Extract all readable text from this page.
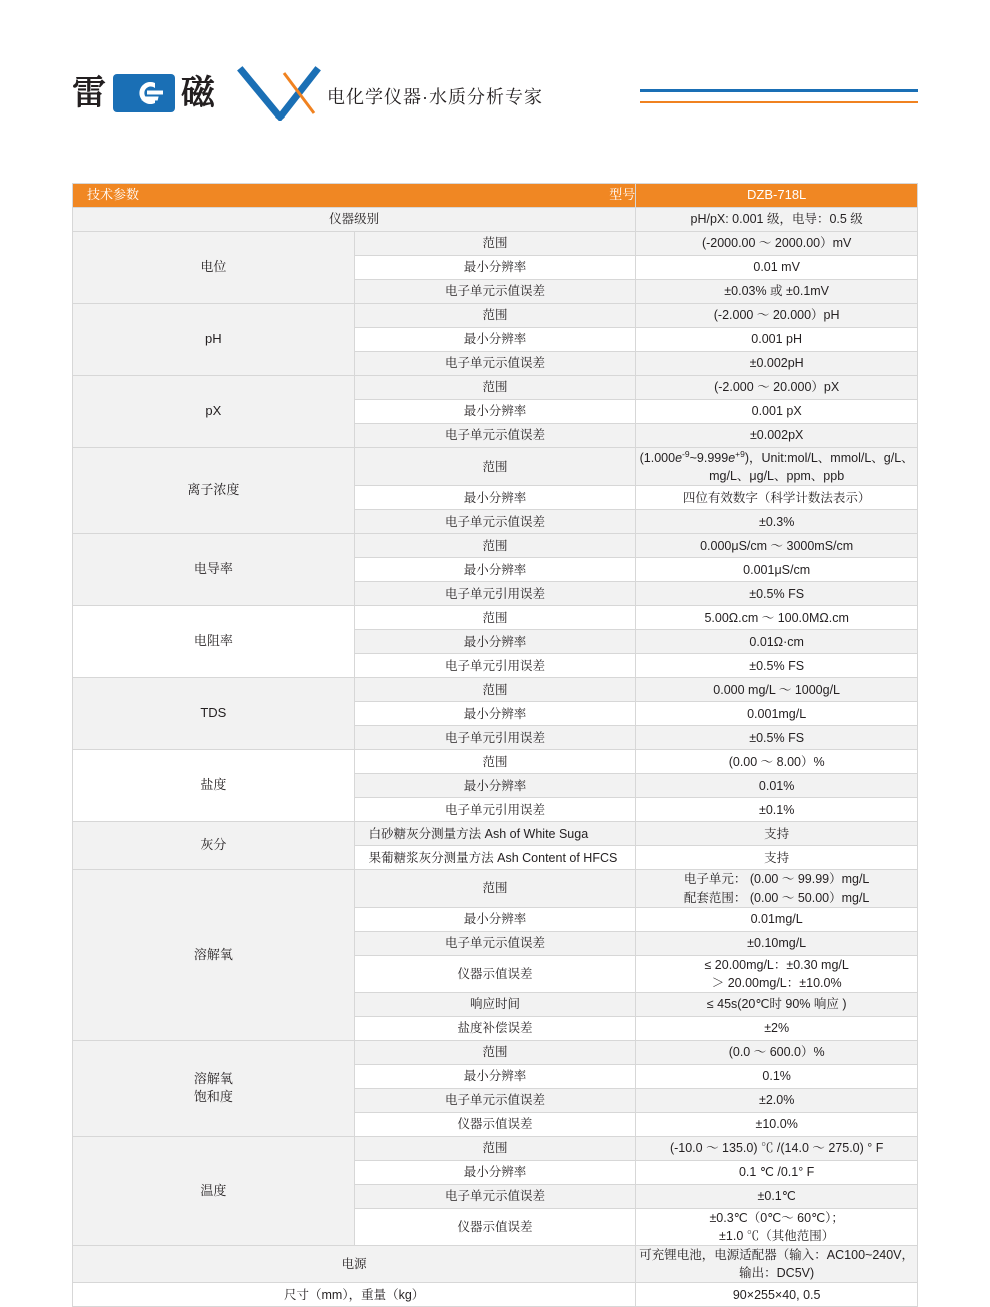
雷 磁	电化学仪器·水质分析专家
技术参数 型号		DZB-718L
仪器级别		pH/pX: 0.001 级，电导：0.5 级
电位	范围	(-2000.00 ～ 2000.00）mV
	最小分辨率	0.01 mV
	电子单元示值误差	±0.03% 或 ±0.1mV
pH	范围	(-2.000 ～ 20.000）pH
	最小分辨率	0.001 pH
	电子单元示值误差	±0.002pH
pX	范围	(-2.000 ～ 20.000）pX
	最小分辨率	0.001 pX
	电子单元示值误差	±0.002pX
离子浓度	范围	$(1.000e^{-9}\sim 9.999e^{+9})$，Unit:mol/L、mmol/L、g/L、mg/L、μg/L、ppm、ppb
	最小分辨率	四位有效数字（科学计数法表示）
	电子单元示值误差	±0.3%
电导率	范围	0.000μS/cm ～ 3000mS/cm
	最小分辨率	0.001μS/cm
	电子单元引用误差	±0.5% FS
电阻率	范围	5.00Ω.cm ～ 100.0MΩ.cm
	最小分辨率	0.01Ω·cm
	电子单元引用误差	±0.5% FS
TDS	范围	0.000 mg/L ～ 1000g/L
	最小分辨率	0.001mg/L
	电子单元引用误差	±0.5% FS
盐度	范围	(0.00 ～ 8.00）%
	最小分辨率	0.01%
	电子单元引用误差	±0.1%
灰分	白砂糖灰分测量方法 Ash of White Suga	支持
	果葡糖浆灰分测量方法 Ash Content of HFCS	支持
溶解氧	范围	电子单元： (0.00 ～ 99.99）mg/L
配套范围： (0.00 ～ 50.00）mg/L
	最小分辨率	0.01mg/L
	电子单元示值误差	±0.10mg/L
	仪器示值误差	≤ 20.00mg/L：±0.30 mg/L
＞ 20.00mg/L：±10.0%
	响应时间	≤ 45s(20℃时 90% 响应 )
	盐度补偿误差	±2%
溶解氧
饱和度	范围	(0.0 ～ 600.0）%
	最小分辨率	0.1%
	电子单元示值误差	±2.0%
	仪器示值误差	±10.0%
温度	范围	(-10.0 ～ 135.0) ℃ /(14.0 ～ 275.0) ° F
	最小分辨率	0.1 ℃ /0.1° F
	电子单元示值误差	±0.1℃
	仪器示值误差	±0.3℃（0℃～ 60℃）；
±1.0 ℃（其他范围）
电源		可充锂电池，电源适配器（输入：AC100~240V，输出：DC5V)
尺寸（mm），重量（kg）		90×255×40, 0.5
